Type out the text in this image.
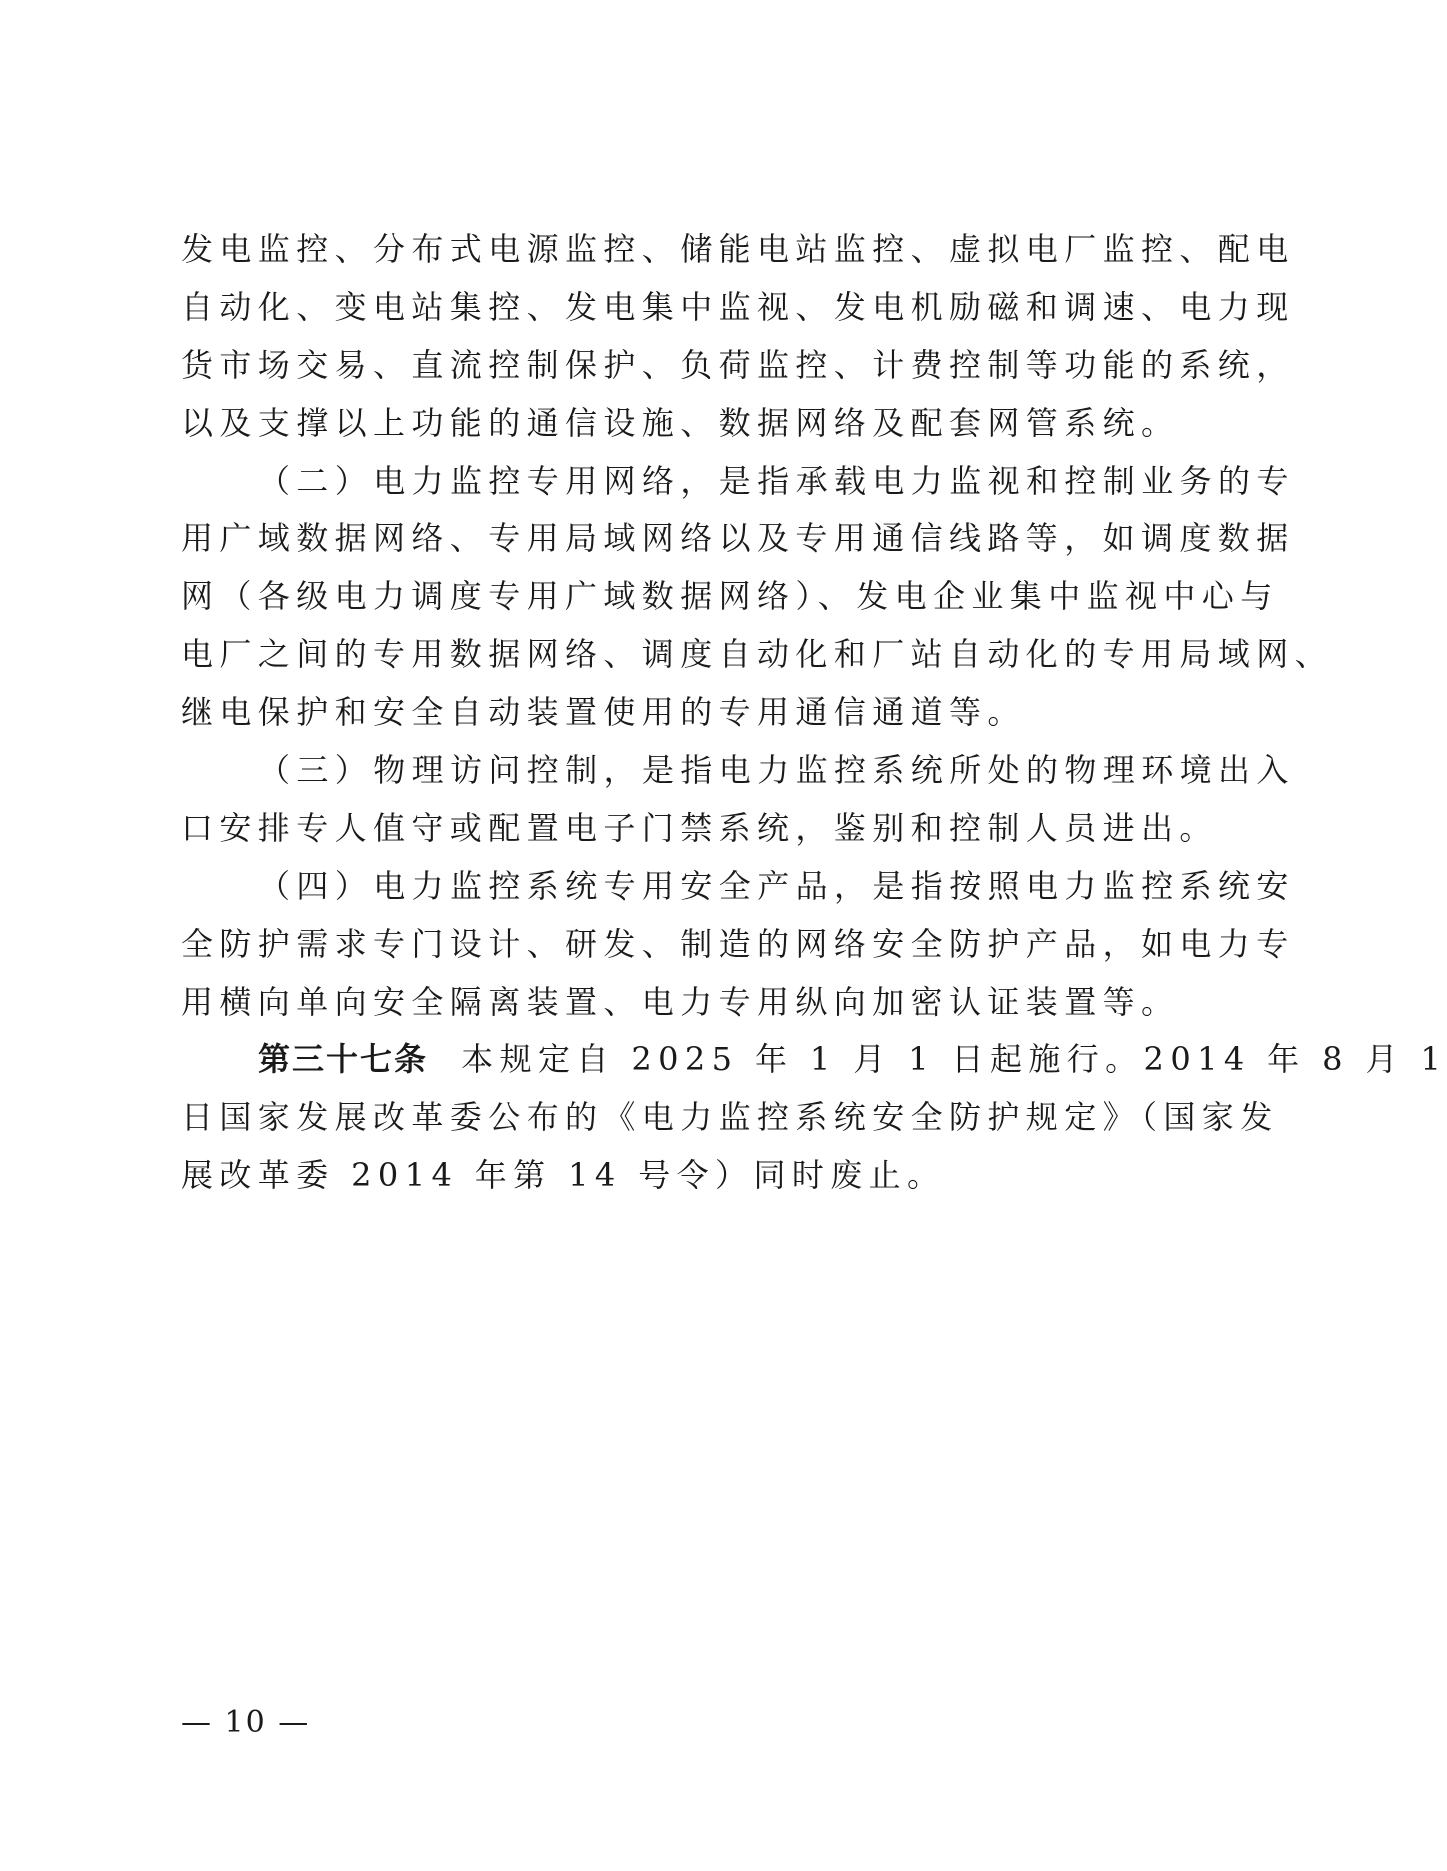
发电监控、分布式电源监控、储能电站监控、虚拟电厂监控、配电
自动化、变电站集控、发电集中监视、发电机励磁和调速、电力现
货市场交易、直流控制保护、负荷监控、计费控制等功能的系统，
以及支撑以上功能的通信设施、数据网络及配套网管系统。
（二）电力监控专用网络，是指承载电力监视和控制业务的专
用广域数据网络、专用局域网络以及专用通信线路等，如调度数据
网（各级电力调度专用广域数据网络）、发电企业集中监视中心与
电厂之间的专用数据网络、调度自动化和厂站自动化的专用局域网、
继电保护和安全自动装置使用的专用通信通道等。
（三）物理访问控制，是指电力监控系统所处的物理环境出入
口安排专人值守或配置电子门禁系统，鉴别和控制人员进出。
（四）电力监控系统专用安全产品，是指按照电力监控系统安
全防护需求专门设计、研发、制造的网络安全防护产品，如电力专
用横向单向安全隔离装置、电力专用纵向加密认证装置等。
第三十七条 本规定自 2025 年 1 月 1 日起施行。2014 年 8 月 1
日国家发展改革委公布的《电力监控系统安全防护规定》（国家发
展改革委 2014 年第 14 号令）同时废止。
— 10 —
